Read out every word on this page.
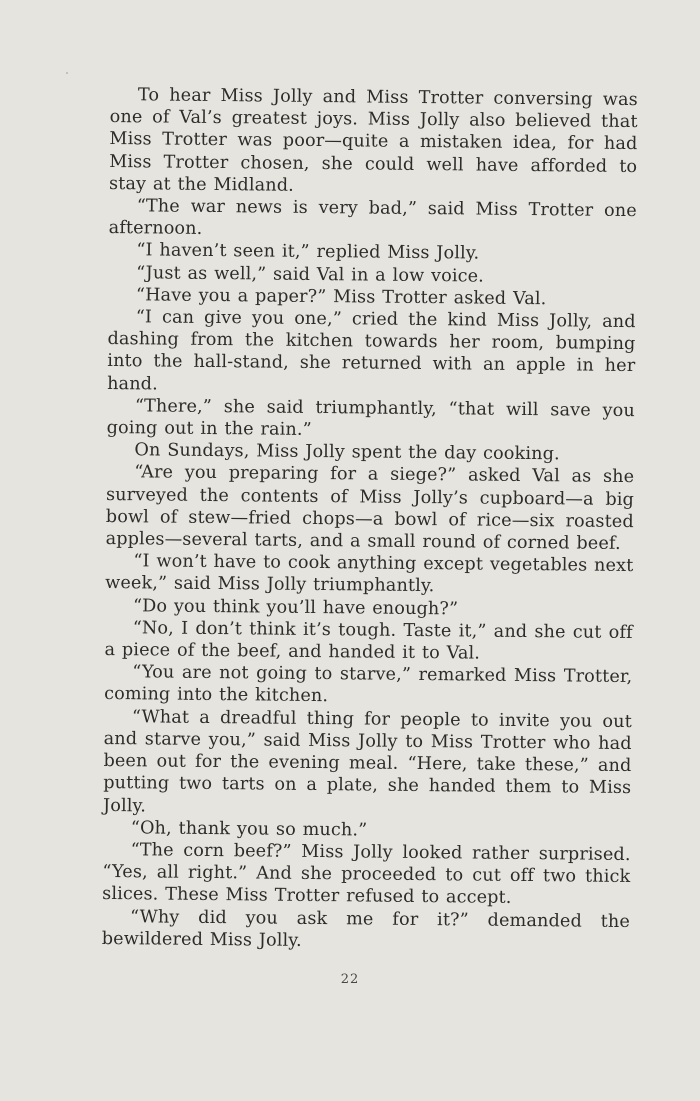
To hear Miss Jolly and Miss Trotter conversing was one of Val’s greatest joys. Miss Jolly also believed that Miss Trotter was poor—quite a mistaken idea, for had Miss Trotter chosen, she could well have afforded to stay at the Midland.

“The war news is very bad,” said Miss Trotter one afternoon.

“I haven’t seen it,” replied Miss Jolly.

“Just as well,” said Val in a low voice.

“Have you a paper?” Miss Trotter asked Val.

“I can give you one,” cried the kind Miss Jolly, and dashing from the kitchen towards her room, bumping into the hall-stand, she returned with an apple in her hand.

“There,” she said triumphantly, “that will save you going out in the rain.”

On Sundays, Miss Jolly spent the day cooking.

“Are you preparing for a siege?” asked Val as she surveyed the contents of Miss Jolly’s cupboard—a big bowl of stew—fried chops—a bowl of rice—six roasted apples—several tarts, and a small round of corned beef.

“I won’t have to cook anything except vegetables next week,” said Miss Jolly triumphantly.

“Do you think you’ll have enough?”

“No, I don’t think it’s tough. Taste it,” and she cut off a piece of the beef, and handed it to Val.

“You are not going to starve,” remarked Miss Trotter, coming into the kitchen.

“What a dreadful thing for people to invite you out and starve you,” said Miss Jolly to Miss Trotter who had been out for the evening meal. “Here, take these,” and putting two tarts on a plate, she handed them to Miss Jolly.

“Oh, thank you so much.”

“The corn beef?” Miss Jolly looked rather surprised. “Yes, all right.” And she proceeded to cut off two thick slices. These Miss Trotter refused to accept.

“Why did you ask me for it?” demanded the bewildered Miss Jolly.

22
